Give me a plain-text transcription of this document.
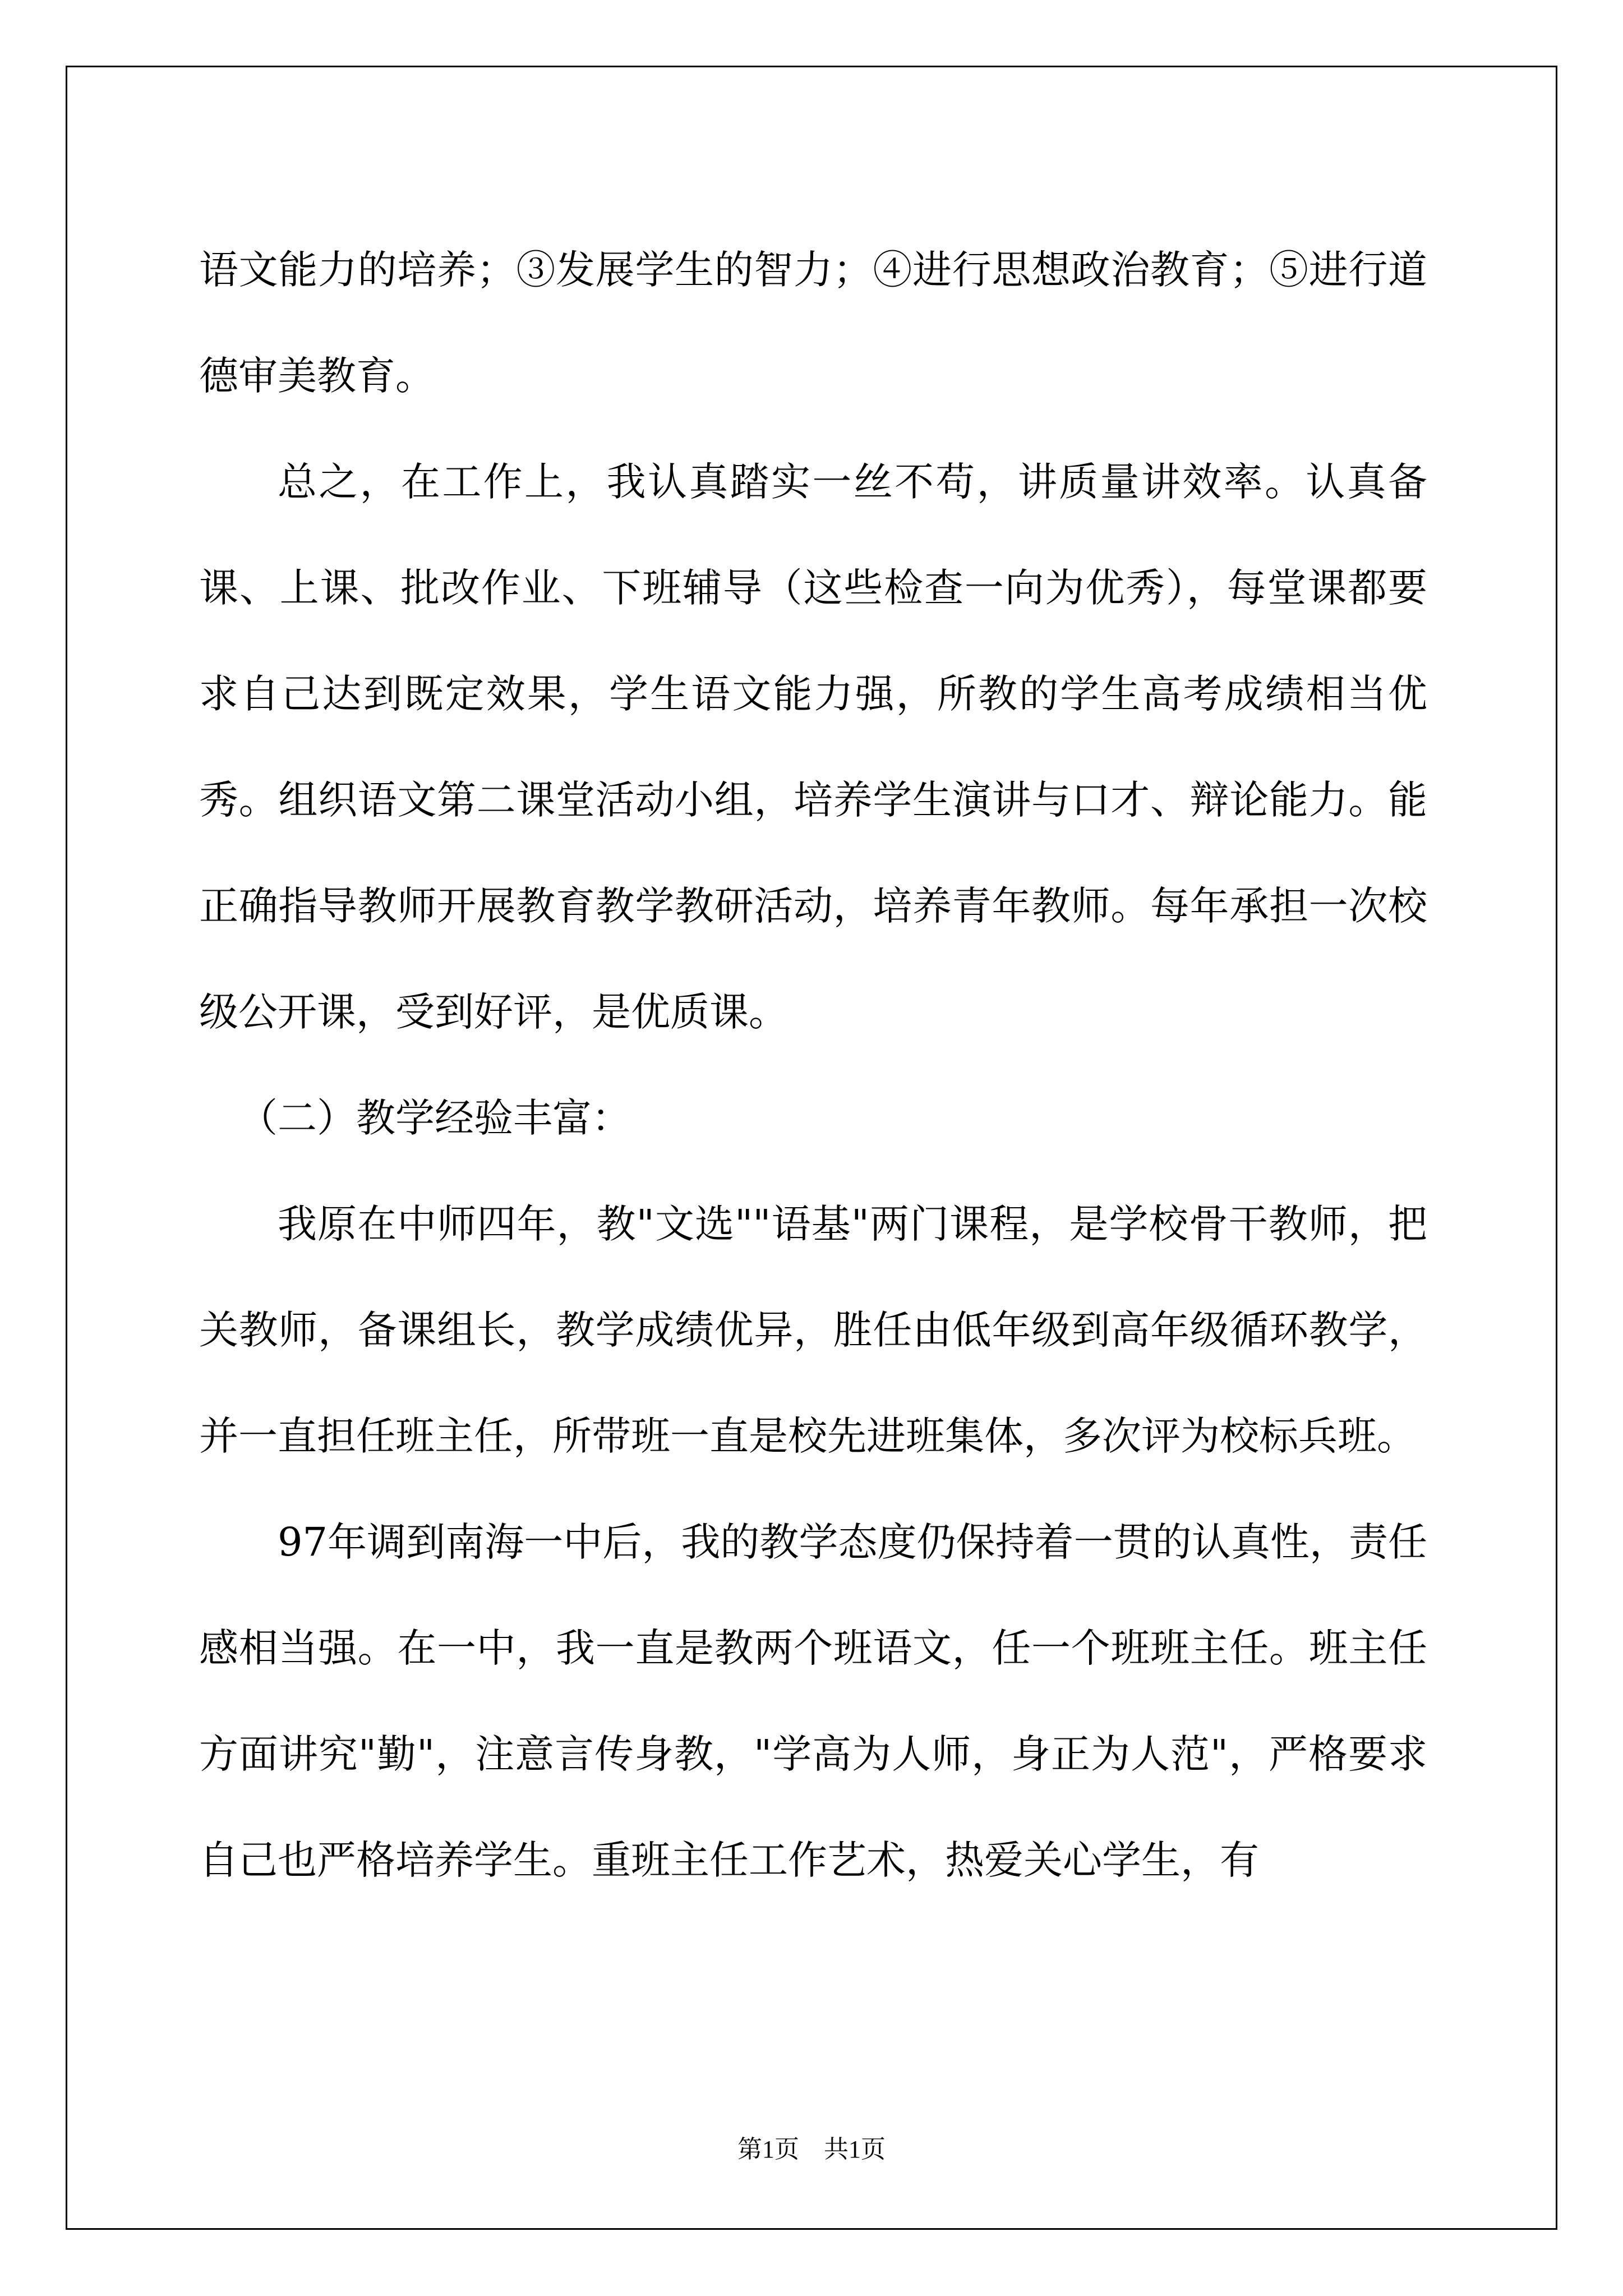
语文能力的培养；③发展学生的智力；④进行思想政治教育；⑤进行道德审美教育。

总之，在工作上，我认真踏实一丝不苟，讲质量讲效率。认真备课、上课、批改作业、下班辅导（这些检查一向为优秀），每堂课都要求自己达到既定效果，学生语文能力强，所教的学生高考成绩相当优秀。组织语文第二课堂活动小组，培养学生演讲与口才、辩论能力。能正确指导教师开展教育教学教研活动，培养青年教师。每年承担一次校级公开课，受到好评，是优质课。

（二）教学经验丰富：

我原在中师四年，教"文选""语基"两门课程，是学校骨干教师，把关教师，备课组长，教学成绩优异，胜任由低年级到高年级循环教学，并一直担任班主任，所带班一直是校先进班集体，多次评为校标兵班。

97年调到南海一中后，我的教学态度仍保持着一贯的认真性，责任感相当强。在一中，我一直是教两个班语文，任一个班班主任。班主任方面讲究"勤"，注意言传身教，"学高为人师，身正为人范"，严格要求自己也严格培养学生。重班主任工作艺术，热爱关心学生，有

第1页　共1页
